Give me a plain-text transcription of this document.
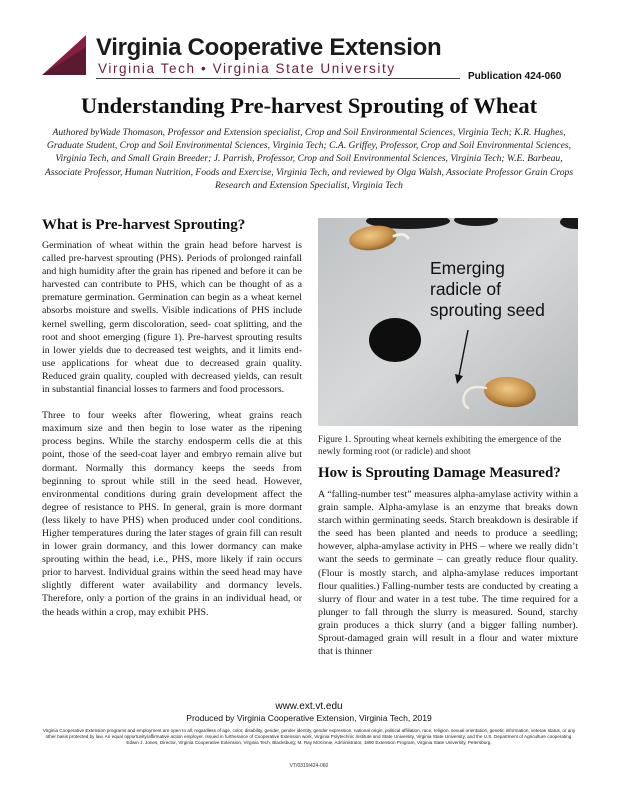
Virginia Cooperative Extension
Virginia Tech • Virginia State University
Publication 424-060
Understanding Pre-harvest Sprouting of Wheat
Authored byWade Thomason, Professor and Extension specialist, Crop and Soil Environmental Sciences, Virginia Tech; K.R. Hughes, Graduate Student, Crop and Soil Environmental Sciences, Virginia Tech; C.A. Griffey, Professor, Crop and Soil Environmental Sciences, Virginia Tech, and Small Grain Breeder; J. Parrish, Professor, Crop and Soil Environmental Sciences, Virginia Tech; W.E. Barbeau, Associate Professor, Human Nutrition, Foods and Exercise, Virginia Tech, and reviewed by Olga Walsh, Associate Professor Grain Crops Research and Extension Specialist, Virginia Tech
What is Pre-harvest Sprouting?

Germination of wheat within the grain head before harvest is called pre-harvest sprouting (PHS). Periods of prolonged rainfall and high humidity after the grain has ripened and before it can be harvested can contribute to PHS, which can be thought of as a premature germination. Germination can begin as a wheat kernel absorbs moisture and swells. Visible indications of PHS include kernel swelling, germ discoloration, seed- coat splitting, and the root and shoot emerging (figure 1). Pre-harvest sprouting results in lower yields due to decreased test weights, and it limits end-use applications for wheat due to decreased grain quality. Reduced grain quality, coupled with decreased yields, can result in substantial financial losses to farmers and food processors.

Three to four weeks after flowering, wheat grains reach maximum size and then begin to lose water as the ripening process begins. While the starchy endosperm cells die at this point, those of the seed-coat layer and embryo remain alive but dormant. Normally this dormancy keeps the seeds from beginning to sprout while still in the seed head. However, environmental conditions during grain development affect the degree of resistance to PHS. In general, grain is more dormant (less likely to have PHS) when produced under cool conditions. Higher temperatures during the later stages of grain fill can result in lower grain dormancy, and this lower dormancy can make sprouting within the head, i.e., PHS, more likely if rain occurs prior to harvest. Individual grains within the seed head may have slightly different water availability and dormancy levels. Therefore, only a portion of the grains in an individual head, or the heads within a crop, may exhibit PHS.

Emerging
radicle of
sprouting seed

Figure 1. Sprouting wheat kernels exhibiting the emergence of the newly forming root (or radicle) and shoot

How is Sprouting Damage Measured?

A “falling-number test” measures alpha-amylase activity within a grain sample. Alpha-amylase is an enzyme that breaks down starch within germinating seeds. Starch breakdown is desirable if the seed has been planted and needs to produce a seedling; however, alpha-amylase activity in PHS – where we really didn’t want the seeds to germinate – can greatly reduce flour quality. (Flour is mostly starch, and alpha-amylase reduces important flour qualities.) Falling-number tests are conducted by creating a slurry of flour and water in a test tube. The time required for a plunger to fall through the slurry is measured. Sound, starchy grain produces a thick slurry (and a bigger falling number). Sprout-damaged grain will result in a flour and water mixture that is thinner

www.ext.vt.edu
Produced by Virginia Cooperative Extension, Virginia Tech, 2019
Virginia Cooperative Extension programs and employment are open to all, regardless of age, color, disability, gender, gender identity, gender expression, national origin, political affiliation, race, religion, sexual orientation, genetic information, veteran status, or any other basis protected by law. An equal opportunity/affirmative action employer. Issued in furtherance of Cooperative Extension work, Virginia Polytechnic Institute and State University, Virginia State University, and the U.S. Department of Agriculture cooperating. Edwin J. Jones, Director, Virginia Cooperative Extension, Virginia Tech, Blacksburg; M. Ray McKinnie, Administrator, 1890 Extension Program, Virginia State University, Petersburg.
VT/0319/424-060
